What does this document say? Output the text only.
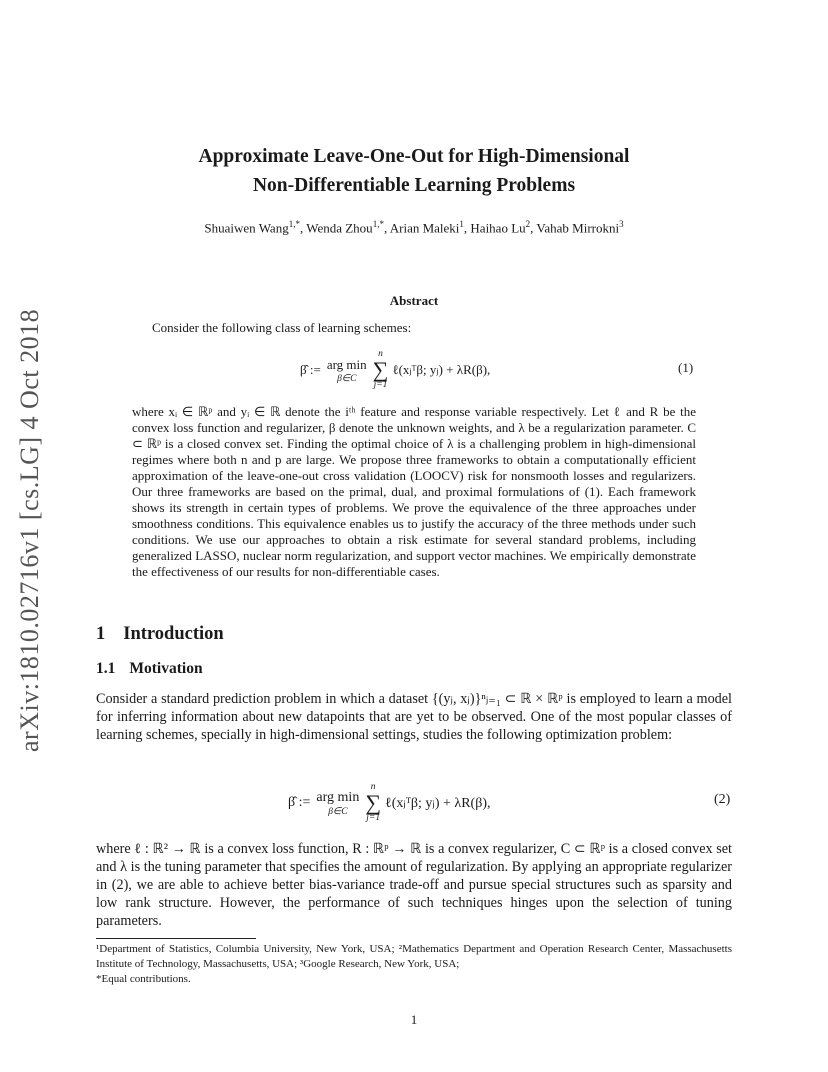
arXiv:1810.02716v1 [cs.LG] 4 Oct 2018
Approximate Leave-One-Out for High-Dimensional
Non-Differentiable Learning Problems
Shuaiwen Wang$^{1,*}$, Wenda Zhou$^{1,*}$, Arian Maleki$^1$, Haihao Lu$^2$, Vahab Mirrokni$^3$
Abstract
Consider the following class of learning schemes:
β̂ := arg min
β∈C
n
∑
j=1
ℓ(xⱼᵀβ; yⱼ) + λR(β),	(1)

where xᵢ ∈ ℝᵖ and yᵢ ∈ ℝ denote the iᵗʰ feature and response variable respectively. Let ℓ and R be the convex loss function and regularizer, β denote the unknown weights, and λ be a regularization parameter. C ⊂ ℝᵖ is a closed convex set. Finding the optimal choice of λ is a challenging problem in high-dimensional regimes where both n and p are large. We propose three frameworks to obtain a computationally efficient approximation of the leave-one-out cross validation (LOOCV) risk for nonsmooth losses and regularizers. Our three frameworks are based on the primal, dual, and proximal formulations of (1). Each framework shows its strength in certain types of problems. We prove the equivalence of the three approaches under smoothness conditions. This equivalence enables us to justify the accuracy of the three methods under such conditions. We use our approaches to obtain a risk estimate for several standard problems, including generalized LASSO, nuclear norm regularization, and support vector machines. We empirically demonstrate the effectiveness of our results for non-differentiable cases.

1 Introduction
1.1 Motivation
Consider a standard prediction problem in which a dataset {(yⱼ, xⱼ)}ⁿⱼ₌₁ ⊂ ℝ × ℝᵖ is employed to learn a model for inferring information about new datapoints that are yet to be observed. One of the most popular classes of learning schemes, specially in high-dimensional settings, studies the following optimization problem:
β̂ := arg min
β∈C
n
∑
j=1
ℓ(xⱼᵀβ; yⱼ) + λR(β),	(2)
where ℓ : ℝ² → ℝ is a convex loss function, R : ℝᵖ → ℝ is a convex regularizer, C ⊂ ℝᵖ is a closed convex set and λ is the tuning parameter that specifies the amount of regularization. By applying an appropriate regularizer in (2), we are able to achieve better bias-variance trade-off and pursue special structures such as sparsity and low rank structure. However, the performance of such techniques hinges upon the selection of tuning parameters.

¹Department of Statistics, Columbia University, New York, USA; ²Mathematics Department and Operation Research Center, Massachusetts Institute of Technology, Massachusetts, USA; ³Google Research, New York, USA;

*Equal contributions.

1
